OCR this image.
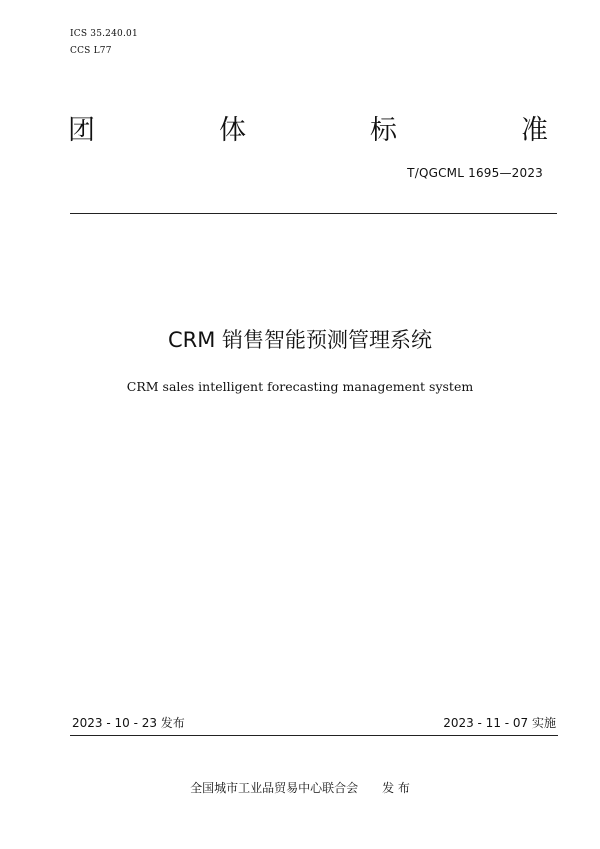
ICS 35.240.01
CCS L77
团	体	标	准
T/QGCML 1695—2023
CRM 销售智能预测管理系统
CRM sales intelligent forecasting management system
2023 - 10 - 23 发布	2023 - 11 - 07 实施
全国城市工业品贸易中心联合会 发 布
